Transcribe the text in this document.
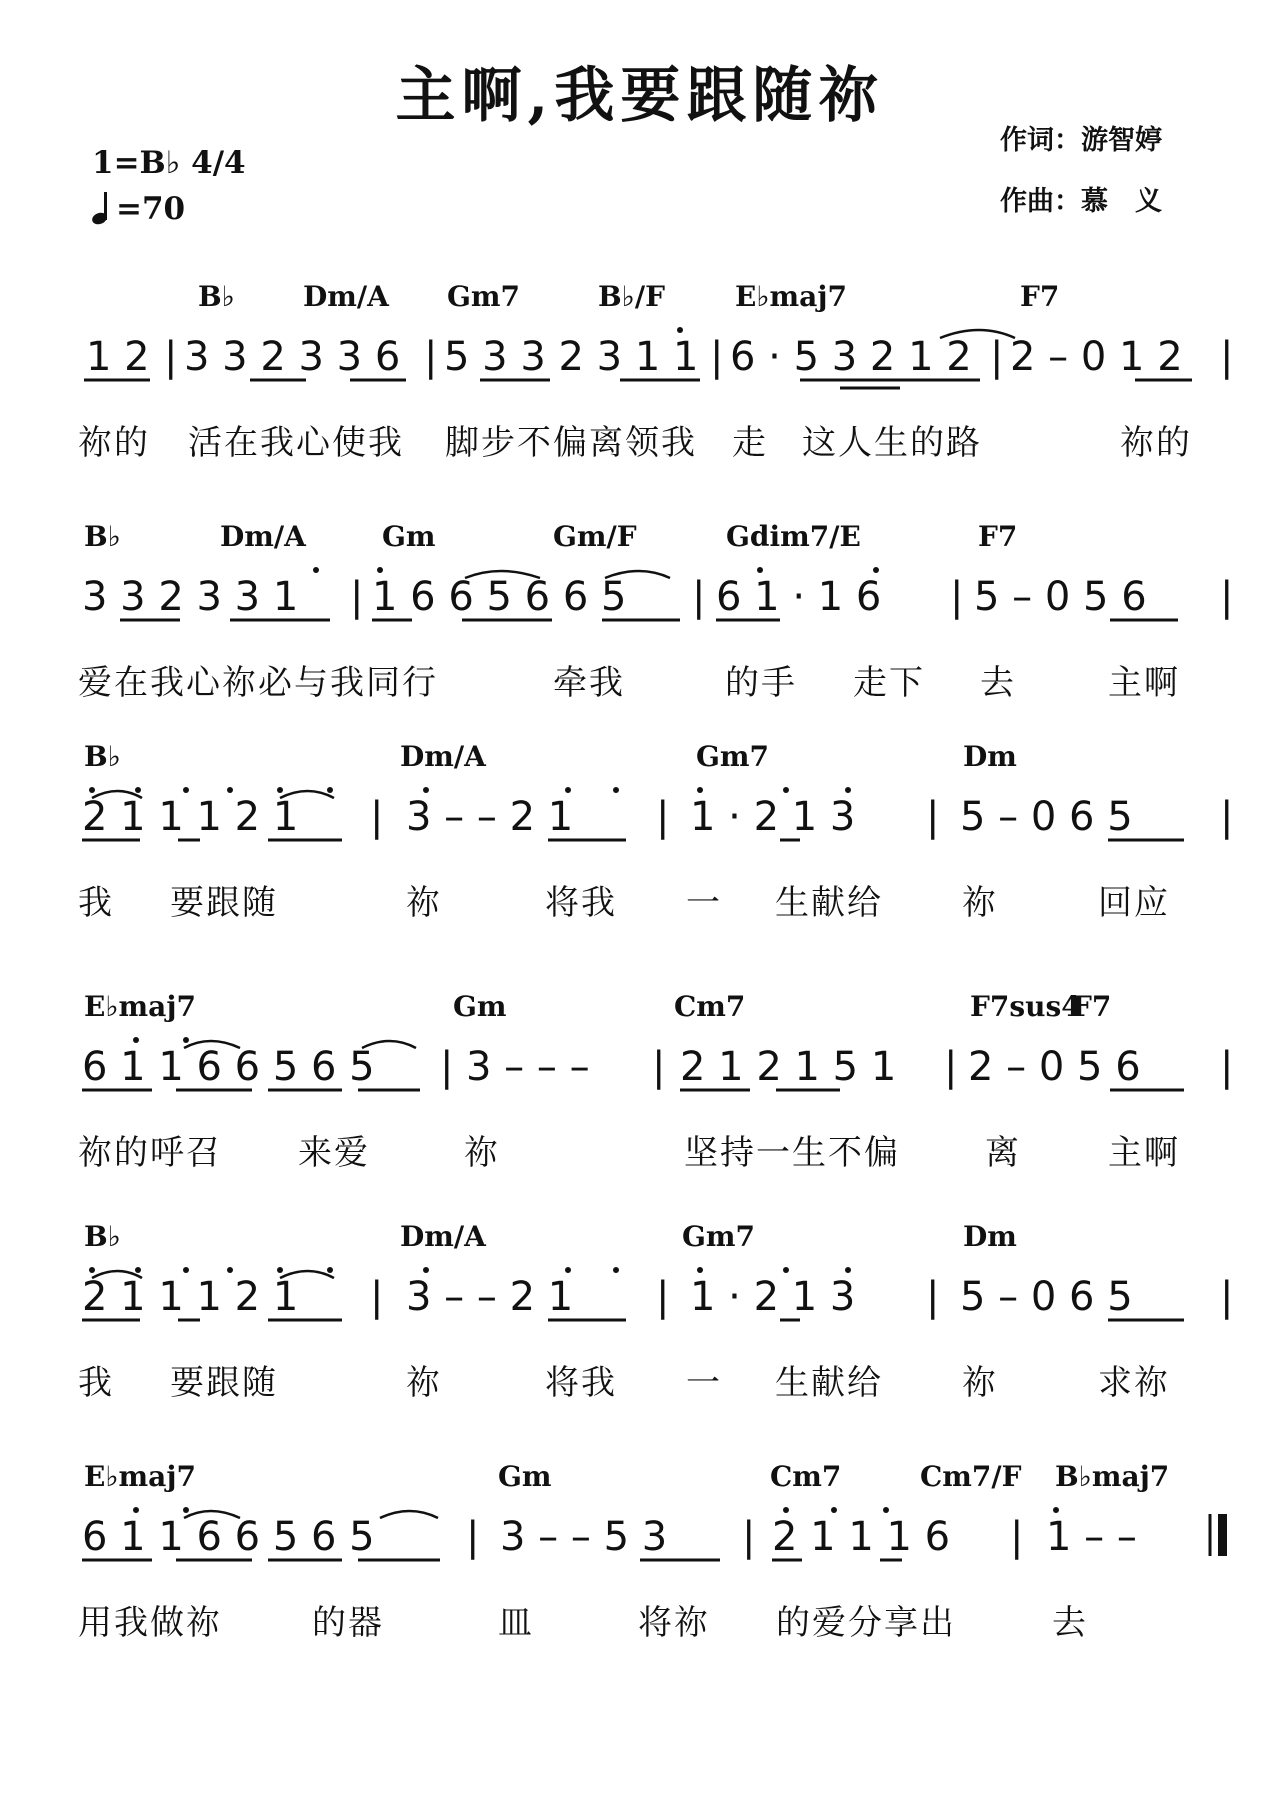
主啊,我要跟随祢
1=B♭ 4/4
=70
作词：游智婷
作曲：慕　义
B♭ Dm/A Gm7	B♭/F	E♭maj7	F7
1 2 | 3 3 2 3 3 6 | 5 3 3 2 3 1 1 | 6 · 5 3 2 1 2 | 2 – 0 1 2 |
祢的 活在我心使我 脚步不偏离领我 走 这人生的路	祢的
B♭	Dm/A	Gm	Gm/F	Gdim7/E	F7
3 3 2 3 3 1 | 1 6 6 5 6 6 5 | 6 1 · 1 6 | 5 – 0 5 6 |
爱在我心祢必与我同行	牵我	的手 走下 去	主啊
B♭	Dm/A	Gm7	Dm
2 1 1 1 2 1 | 3 – – 2 1 | 1 · 2 1 3 | 5 – 0 6 5 |
我 要跟随	祢	将我 一 生献给 祢	回应
E♭maj7	Gm	Cm7	F7sus4
F7
6 1 1 6 6 5 6 5 | 3 – – – | 2 1 2 1 5 1 | 2 – 0 5 6 |
祢的呼召 来爱	祢	坚持一生不偏	离	主啊
B♭	Dm/A	Gm7	Dm
2 1 1 1 2 1 | 3 – – 2 1 | 1 · 2 1 3 | 5 – 0 6 5 |
我 要跟随	祢	将我 一 生献给 祢	求祢
E♭maj7	Gm	Cm7	Cm7/F B♭maj7
6 1 1 6 6 5 6 5 | 3 – – 5 3 | 2 1 1 1 6 | 1 – –
用我做祢	的器	皿	将祢 的爱分享出	去
